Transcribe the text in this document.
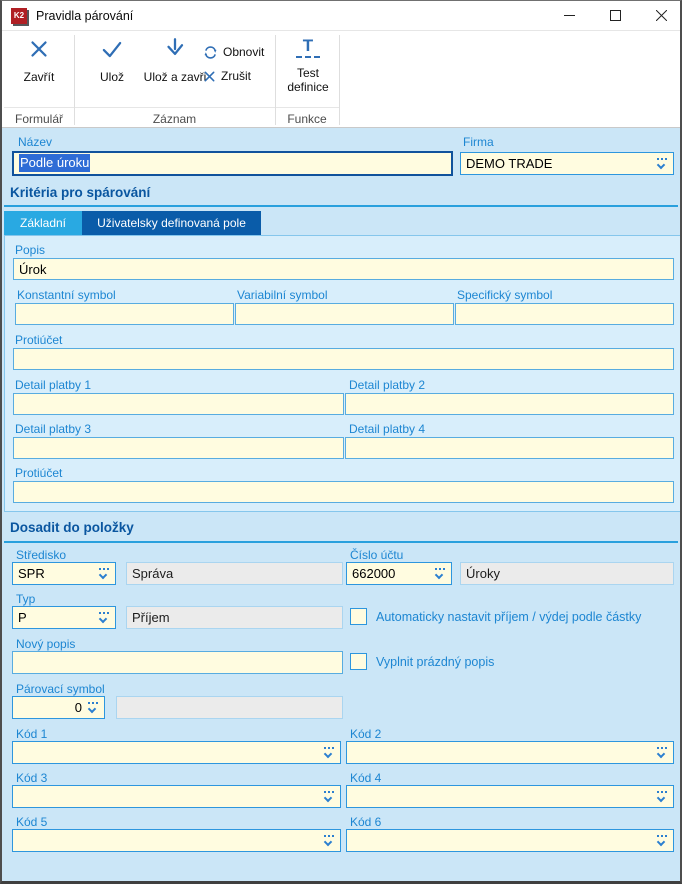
K2 Pravidla párování
Zavřít	Ulož Ulož a zavři
Obnovit
Zrušit
T
Test definice
Formulář	Záznam	Funkce
Název
Podle úroku
Firma
DEMO TRADE
Kritéria pro spárování
Základní	Uživatelsky definovaná pole
Popis
Úrok
Konstantní symbol	Variabilní symbol	Specifický symbol
Protiúčet
Detail platby 1	Detail platby 2
Detail platby 3	Detail platby 4
Protiúčet
Dosadit do položky
Středisko
SPR	Správa
Číslo účtu
662000	Úroky
Typ
P	Příjem	Automaticky nastavit příjem / výdej podle částky
Nový popis
Vyplnit prázdný popis
Párovací symbol
0
Kód 1	Kód 2
Kód 3	Kód 4
Kód 5	Kód 6
